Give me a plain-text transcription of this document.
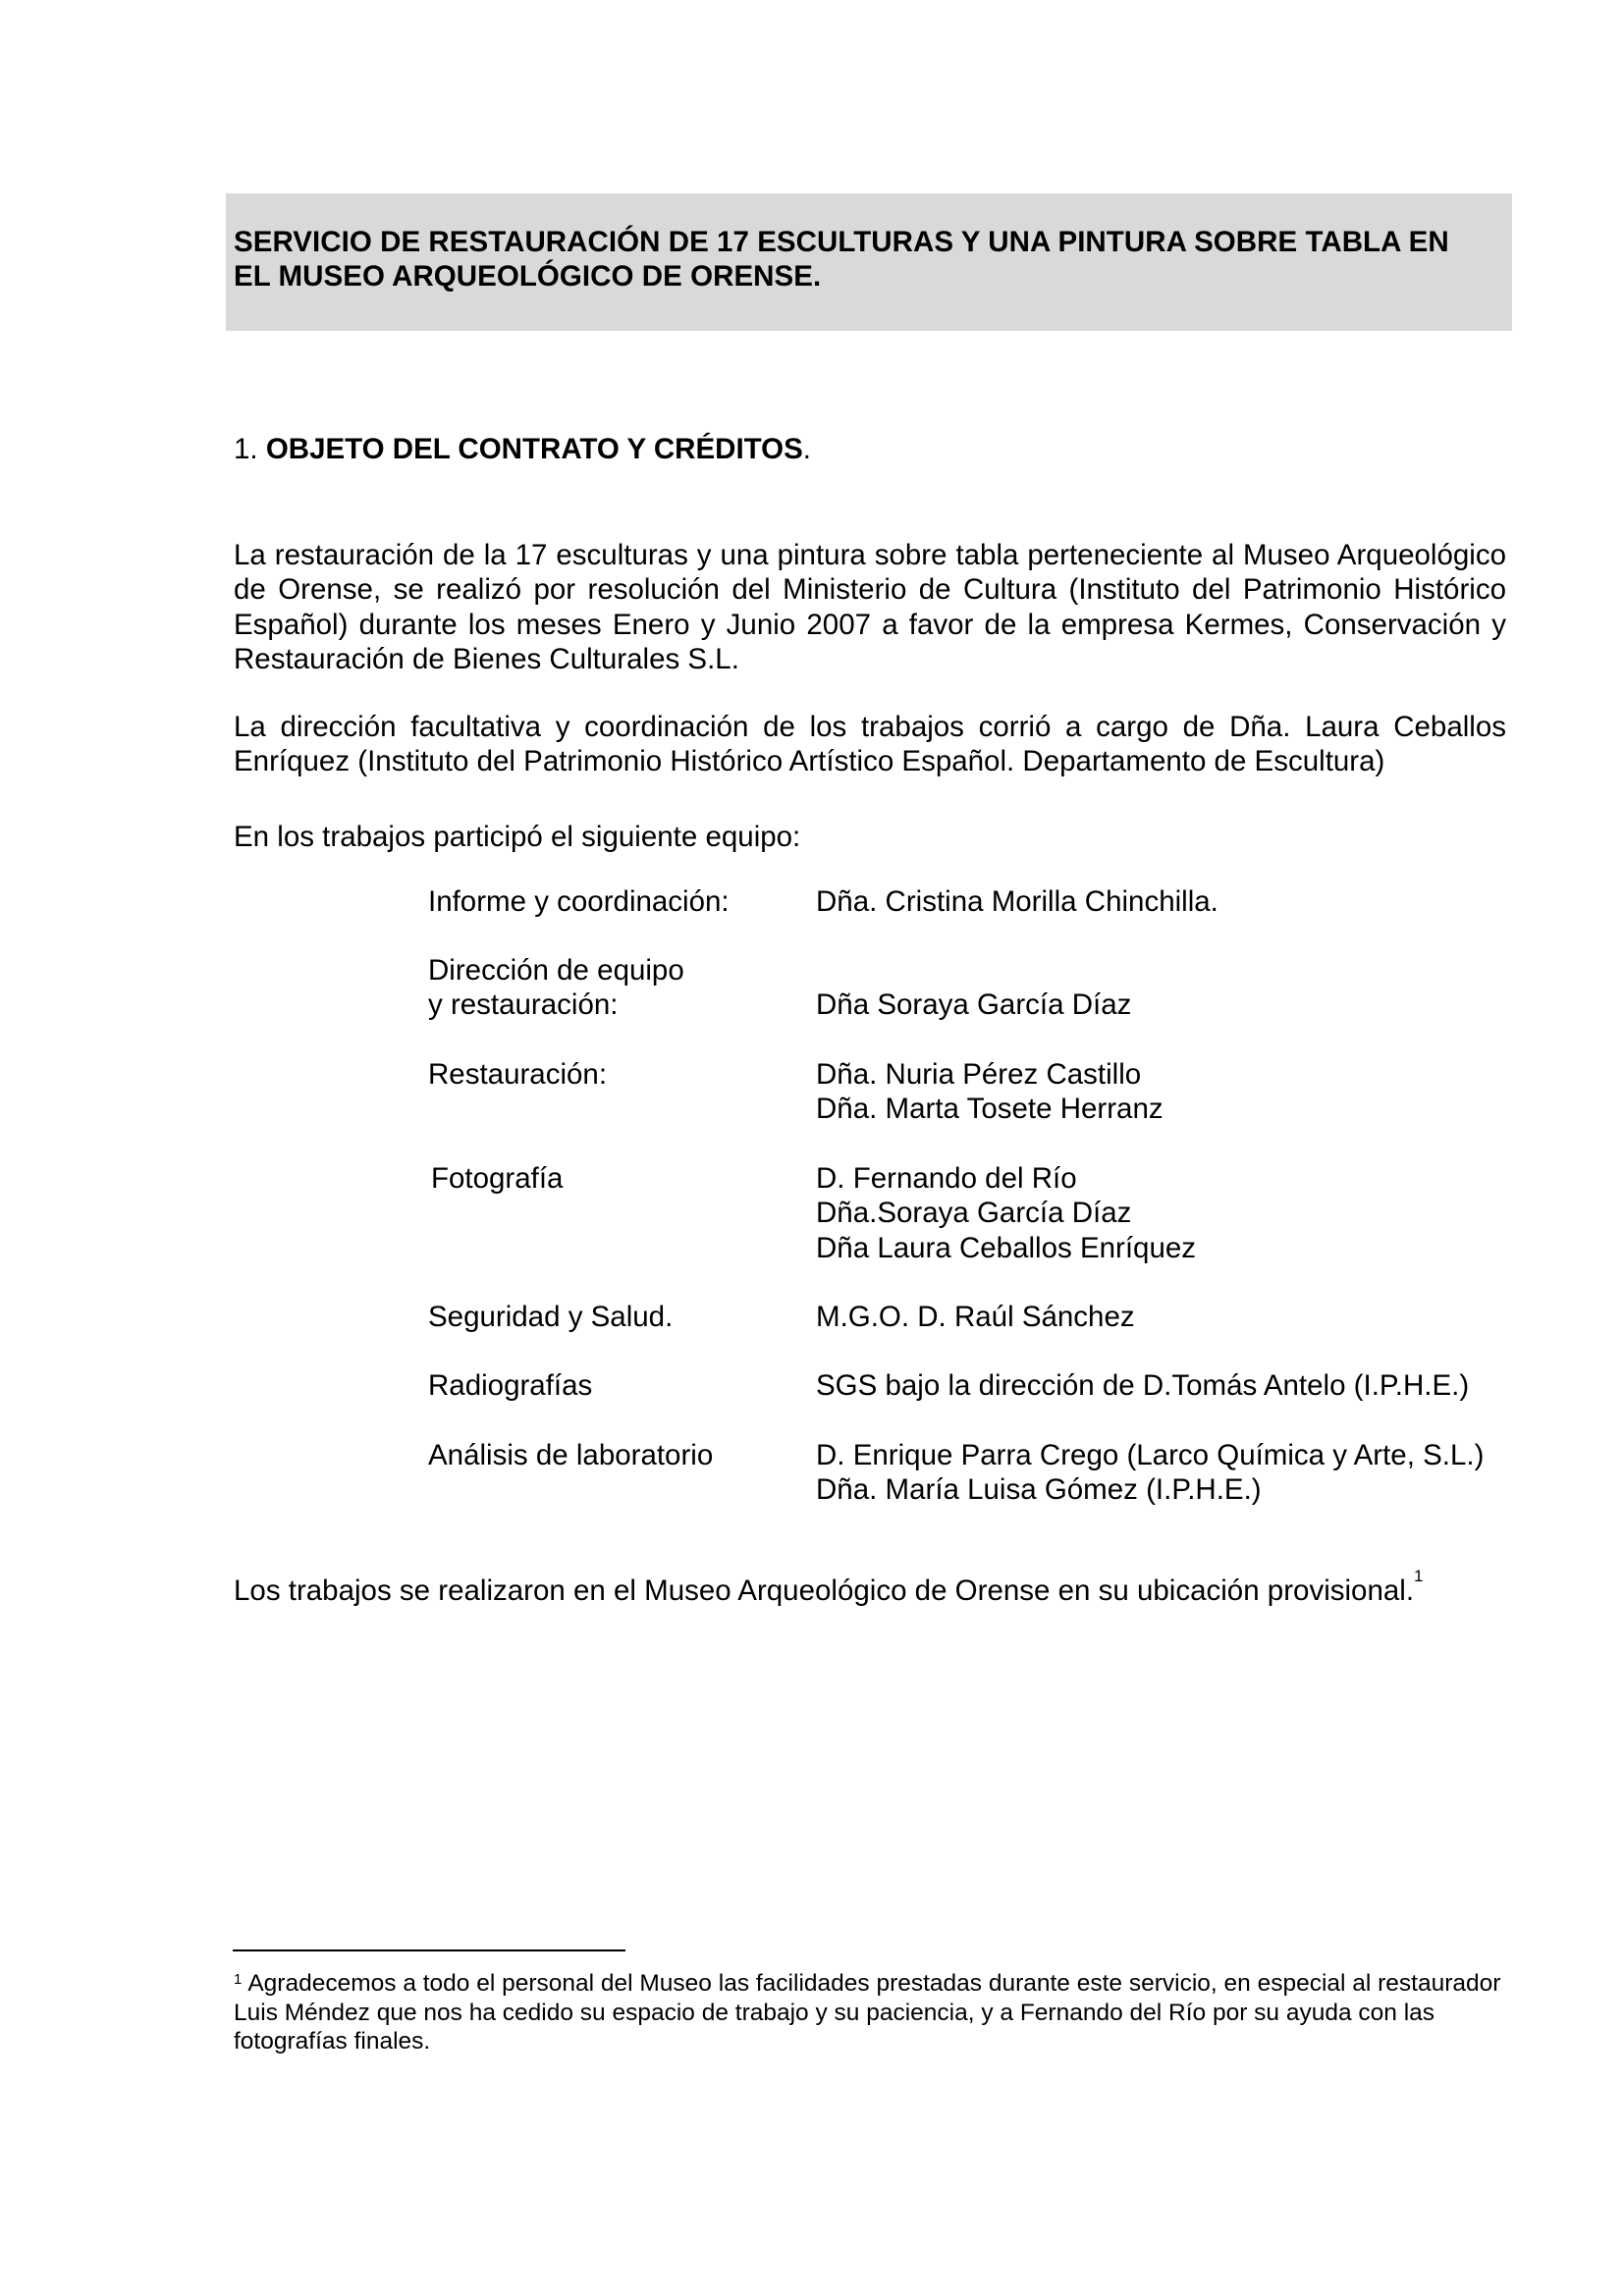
SERVICIO DE RESTAURACIÓN DE 17 ESCULTURAS Y UNA PINTURA SOBRE TABLA EN
EL MUSEO ARQUEOLÓGICO DE ORENSE.

1. OBJETO DEL CONTRATO Y CRÉDITOS.

La restauración de la 17 esculturas y una pintura sobre tabla perteneciente al Museo Arqueológico de Orense, se realizó por resolución del Ministerio de Cultura (Instituto del Patrimonio Histórico Español) durante los meses Enero y Junio 2007 a favor de la empresa Kermes, Conservación y Restauración de Bienes Culturales S.L.

La dirección facultativa y coordinación de los trabajos corrió a cargo de Dña. Laura Ceballos Enríquez (Instituto del Patrimonio Histórico Artístico Español. Departamento de Escultura)

En los trabajos participó el siguiente equipo:

Informe y coordinación:	Dña. Cristina Morilla Chinchilla.
Dirección de equipo
y restauración:	Dña Soraya García Díaz
Restauración:	Dña. Nuria Pérez Castillo
Dña. Marta Tosete Herranz
Fotografía	D. Fernando del Río
Dña.Soraya García Díaz
Dña Laura Ceballos Enríquez
Seguridad y Salud.	M.G.O. D. Raúl Sánchez
Radiografías	SGS bajo la dirección de D.Tomás Antelo (I.P.H.E.)
Análisis de laboratorio	D. Enrique Parra Crego (Larco Química y Arte, S.L.)
Dña. María Luisa Gómez (I.P.H.E.)

Los trabajos se realizaron en el Museo Arqueológico de Orense en su ubicación provisional.$^1$

$^1$ Agradecemos a todo el personal del Museo las facilidades prestadas durante este servicio, en especial al restaurador Luis Méndez que nos ha cedido su espacio de trabajo y su paciencia, y a Fernando del Río por su ayuda con las fotografías finales.
